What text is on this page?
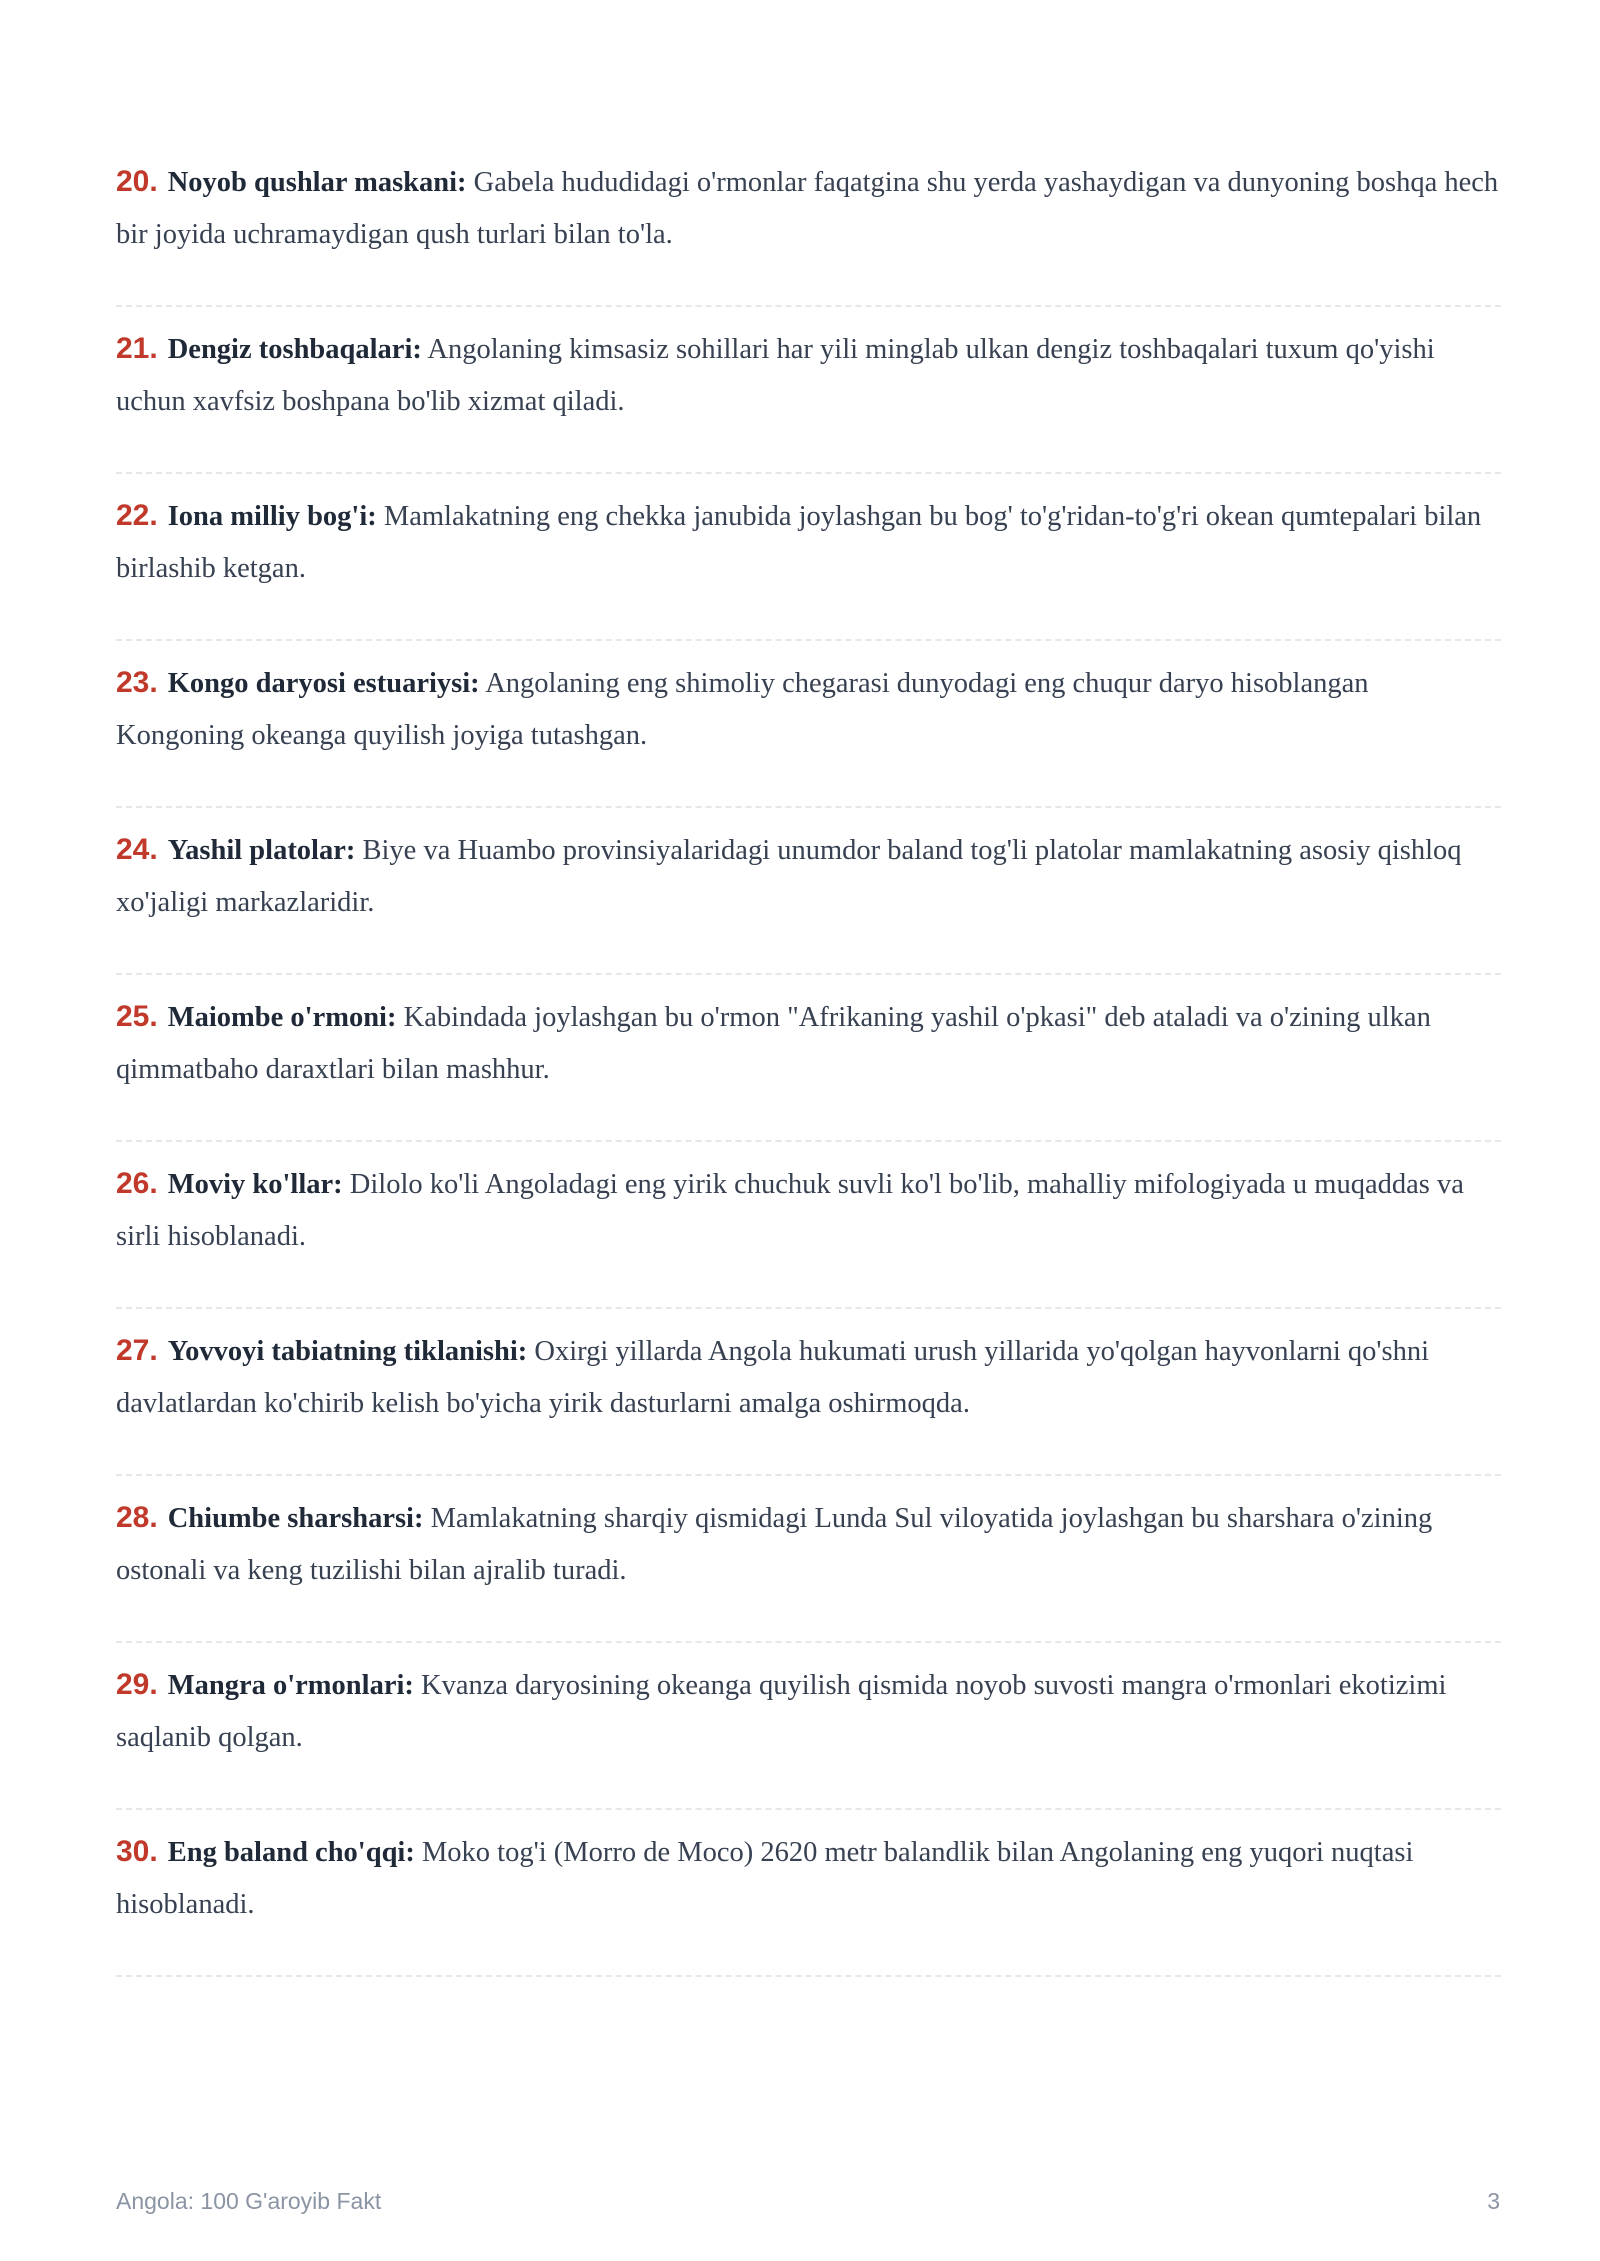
20. Noyob qushlar maskani: Gabela hududidagi o'rmonlar faqatgina shu yerda yashaydigan va dunyoning boshqa hech bir joyida uchramaydigan qush turlari bilan to'la.
21. Dengiz toshbaqalari: Angolaning kimsasiz sohillari har yili minglab ulkan dengiz toshbaqalari tuxum qo'yishi uchun xavfsiz boshpana bo'lib xizmat qiladi.
22. Iona milliy bog'i: Mamlakatning eng chekka janubida joylashgan bu bog' to'g'ridan-to'g'ri okean qumtepalari bilan birlashib ketgan.
23. Kongo daryosi estuariysi: Angolaning eng shimoliy chegarasi dunyodagi eng chuqur daryo hisoblangan Kongoning okeanga quyilish joyiga tutashgan.
24. Yashil platolar: Biye va Huambo provinsiyalaridagi unumdor baland tog'li platolar mamlakatning asosiy qishloq xo'jaligi markazlaridir.
25. Maiombe o'rmoni: Kabindada joylashgan bu o'rmon "Afrikaning yashil o'pkasi" deb ataladi va o'zining ulkan qimmatbaho daraxtlari bilan mashhur.
26. Moviy ko'llar: Dilolo ko'li Angoladagi eng yirik chuchuk suvli ko'l bo'lib, mahalliy mifologiyada u muqaddas va sirli hisoblanadi.
27. Yovvoyi tabiatning tiklanishi: Oxirgi yillarda Angola hukumati urush yillarida yo'qolgan hayvonlarni qo'shni davlatlardan ko'chirib kelish bo'yicha yirik dasturlarni amalga oshirmoqda.
28. Chiumbe sharsharsi: Mamlakatning sharqiy qismidagi Lunda Sul viloyatida joylashgan bu sharshara o'zining ostonali va keng tuzilishi bilan ajralib turadi.
29. Mangra o'rmonlari: Kvanza daryosining okeanga quyilish qismida noyob suvosti mangra o'rmonlari ekotizimi saqlanib qolgan.
30. Eng baland cho'qqi: Moko tog'i (Morro de Moco) 2620 metr balandlik bilan Angolaning eng yuqori nuqtasi hisoblanadi.
Angola: 100 G'aroyib Fakt	3
